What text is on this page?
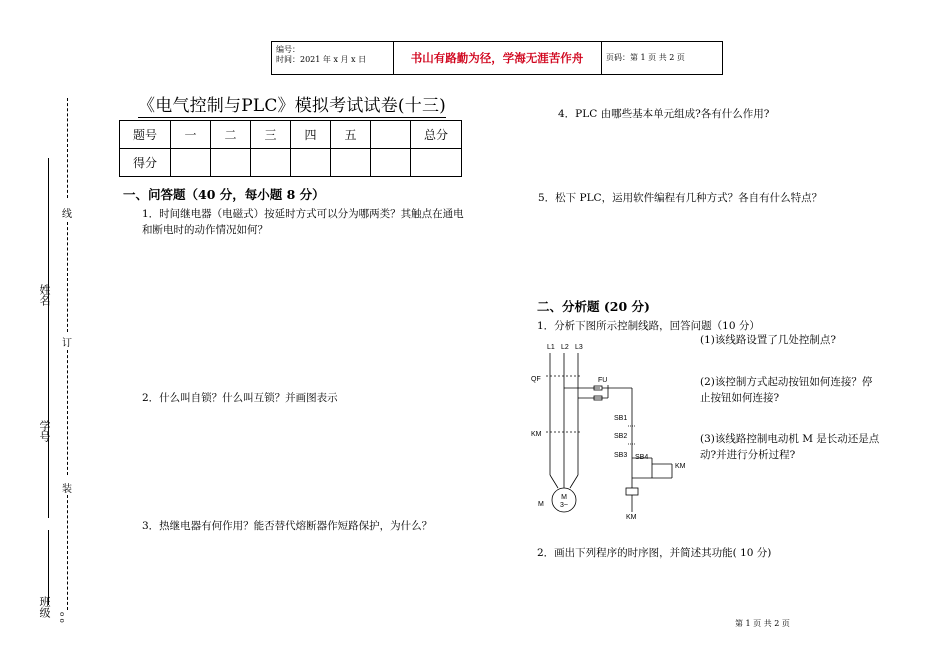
编号：
时间：2021 年 x 月 x 日	书山有路勤为径，学海无涯苦作舟	页码：第 1 页 共 2 页
姓名
学号
班级
线
订
装
o o
《电气控制与PLC》模拟考试试卷(十三)
题号	一	二	三	四	五		总分
得分							
一、问答题（40 分，每小题 8 分）
1．时间继电器（电磁式）按延时方式可以分为哪两类？其触点在通电和断电时的动作情况如何？
2．什么叫自锁？什么叫互锁？并画图表示
3．热继电器有何作用？能否替代熔断器作短路保护，为什么？
4．PLC 由哪些基本单元组成?各有什么作用?
5．松下 PLC，运用软件编程有几种方式？各自有什么特点？
二、分析题 (20 分)
1．分析下图所示控制线路，回答问题（10 分）
(1)该线路设置了几处控制点?
(2)该控制方式起动按钮如何连接？停止按钮如何连接?
(3)该线路控制电动机 M 是长动还是点动?并进行分析过程?
2．画出下列程序的时序图，并简述其功能( 10 分)
L1 L2 L3
QF	FU
KM
SB1
SB2
SB3 SB4
KM
KM
M
M
3~
第 1 页 共 2 页
